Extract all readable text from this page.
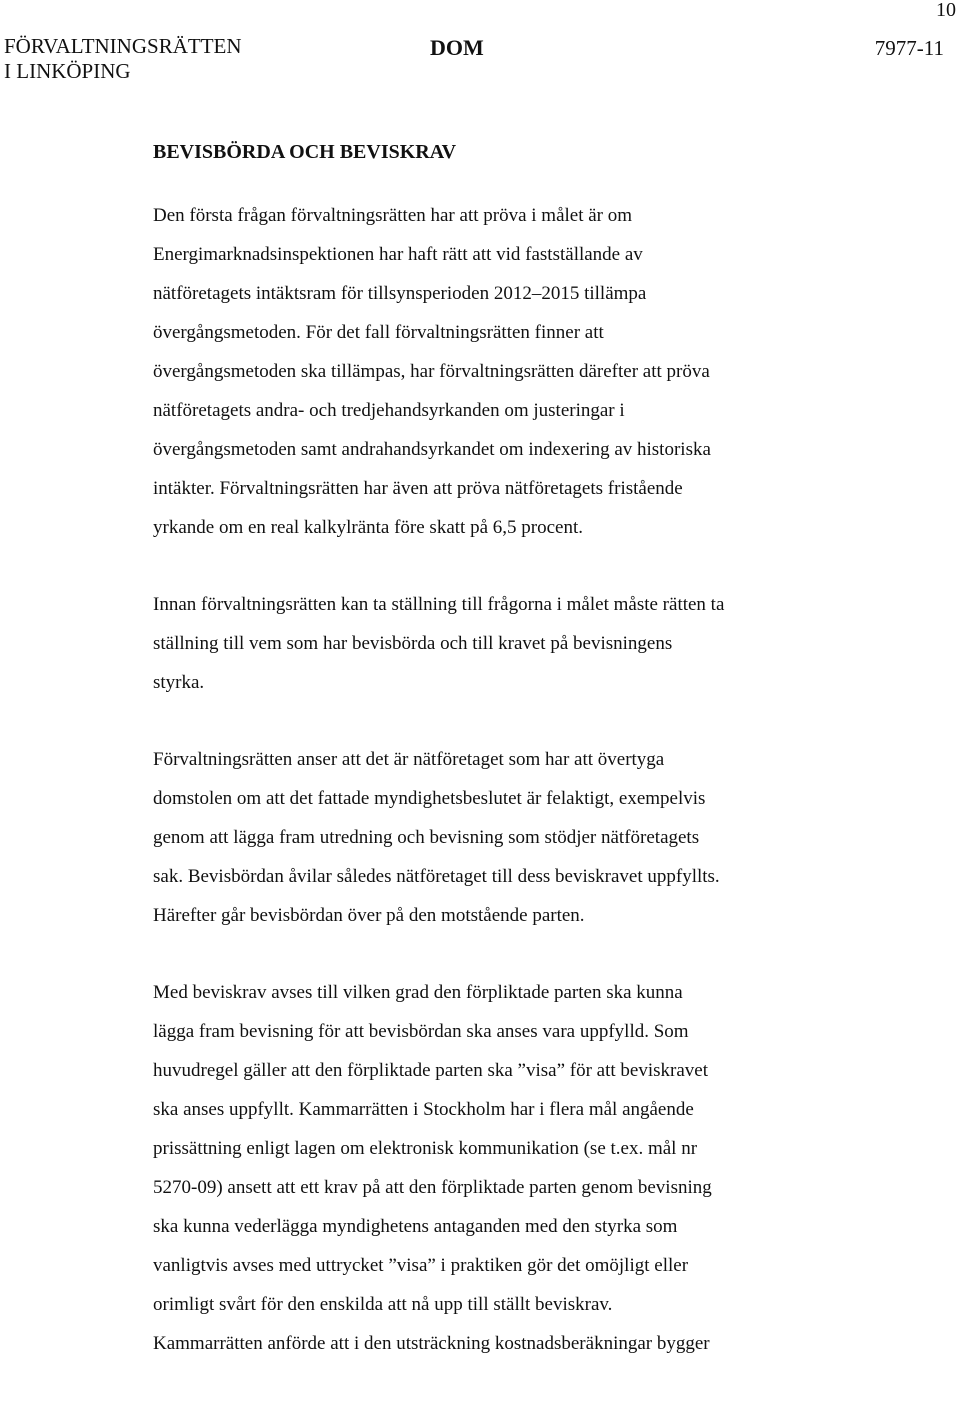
10
FÖRVALTNINGSRÄTTEN
I LINKÖPING
DOM	7977-11
BEVISBÖRDA OCH BEVISKRAV
Den första frågan förvaltningsrätten har att pröva i målet är om
Energimarknadsinspektionen har haft rätt att vid fastställande av
nätföretagets intäktsram för tillsynsperioden 2012–2015 tillämpa
övergångsmetoden. För det fall förvaltningsrätten finner att
övergångsmetoden ska tillämpas, har förvaltningsrätten därefter att pröva
nätföretagets andra- och tredjehandsyrkanden om justeringar i
övergångsmetoden samt andrahandsyrkandet om indexering av historiska
intäkter. Förvaltningsrätten har även att pröva nätföretagets fristående
yrkande om en real kalkylränta före skatt på 6,5 procent.
Innan förvaltningsrätten kan ta ställning till frågorna i målet måste rätten ta
ställning till vem som har bevisbörda och till kravet på bevisningens
styrka.
Förvaltningsrätten anser att det är nätföretaget som har att övertyga
domstolen om att det fattade myndighetsbeslutet är felaktigt, exempelvis
genom att lägga fram utredning och bevisning som stödjer nätföretagets
sak. Bevisbördan åvilar således nätföretaget till dess beviskravet uppfyllts.
Härefter går bevisbördan över på den motstående parten.
Med beviskrav avses till vilken grad den förpliktade parten ska kunna
lägga fram bevisning för att bevisbördan ska anses vara uppfylld. Som
huvudregel gäller att den förpliktade parten ska ”visa” för att beviskravet
ska anses uppfyllt. Kammarrätten i Stockholm har i flera mål angående
prissättning enligt lagen om elektronisk kommunikation (se t.ex. mål nr
5270-09) ansett att ett krav på att den förpliktade parten genom bevisning
ska kunna vederlägga myndighetens antaganden med den styrka som
vanligtvis avses med uttrycket ”visa” i praktiken gör det omöjligt eller
orimligt svårt för den enskilda att nå upp till ställt beviskrav.
Kammarrätten anförde att i den utsträckning kostnadsberäkningar bygger
